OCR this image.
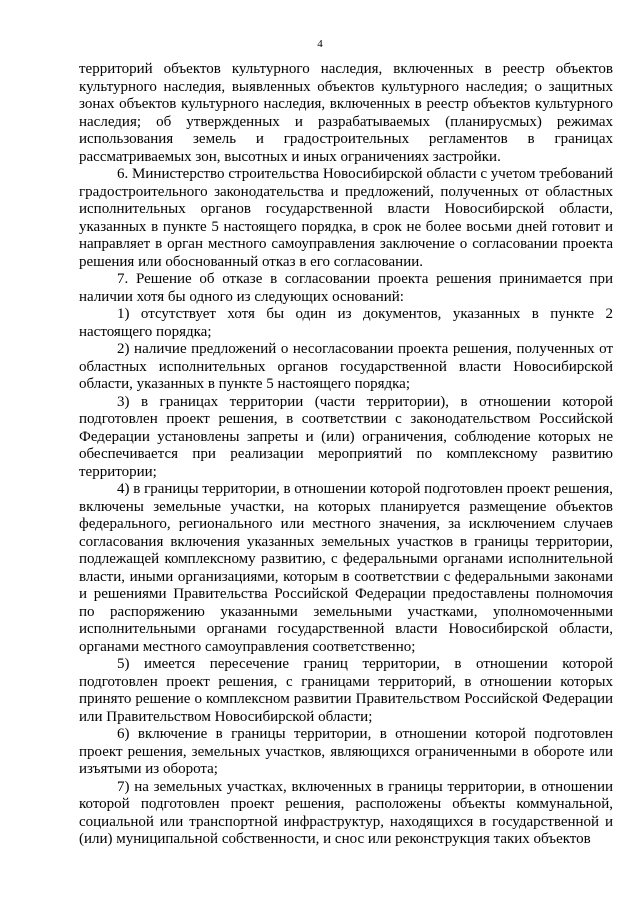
4

территорий объектов культурного наследия, включенных в реестр объектов культурного наследия, выявленных объектов культурного наследия; о защитных зонах объектов культурного наследия, включенных в реестр объектов культурного наследия; об утвержденных и разрабатываемых (планирусмых) режимах использования земель и градостроительных регламентов в границах рассматриваемых зон, высотных и иных ограничениях застройки.

6. Министерство строительства Новосибирской области с учетом требований градостроительного законодательства и предложений, полученных от областных исполнительных органов государственной власти Новосибирской области, указанных в пункте 5 настоящего порядка, в срок не более восьми дней готовит и направляет в орган местного самоуправления заключение о согласовании проекта решения или обоснованный отказ в его согласовании.

7. Решение об отказе в согласовании проекта решения принимается при наличии хотя бы одного из следующих оснований:

1) отсутствует хотя бы один из документов, указанных в пункте 2 настоящего порядка;

2) наличие предложений о несогласовании проекта решения, полученных от областных исполнительных органов государственной власти Новосибирской области, указанных в пункте 5 настоящего порядка;

3) в границах территории (части территории), в отношении которой подготовлен проект решения, в соответствии с законодательством Российской Федерации установлены запреты и (или) ограничения, соблюдение которых не обеспечивается при реализации мероприятий по комплексному развитию территории;

4) в границы территории, в отношении которой подготовлен проект решения, включены земельные участки, на которых планируется размещение объектов федерального, регионального или местного значения, за исключением случаев согласования включения указанных земельных участков в границы территории, подлежащей комплексному развитию, с федеральными органами исполнительной власти, иными организациями, которым в соответствии с федеральными законами и решениями Правительства Российской Федерации предоставлены полномочия по распоряжению указанными земельными участками, уполномоченными исполнительными органами государственной власти Новосибирской области, органами местного самоуправления соответственно;

5) имеется пересечение границ территории, в отношении которой подготовлен проект решения, с границами территорий, в отношении которых принято решение о комплексном развитии Правительством Российской Федерации или Правительством Новосибирской области;

6) включение в границы территории, в отношении которой подготовлен проект решения, земельных участков, являющихся ограниченными в обороте или изъятыми из оборота;

7) на земельных участках, включенных в границы территории, в отношении которой подготовлен проект решения, расположены объекты коммунальной, социальной или транспортной инфраструктур, находящихся в государственной и (или) муниципальной собственности, и снос или реконструкция таких объектов
